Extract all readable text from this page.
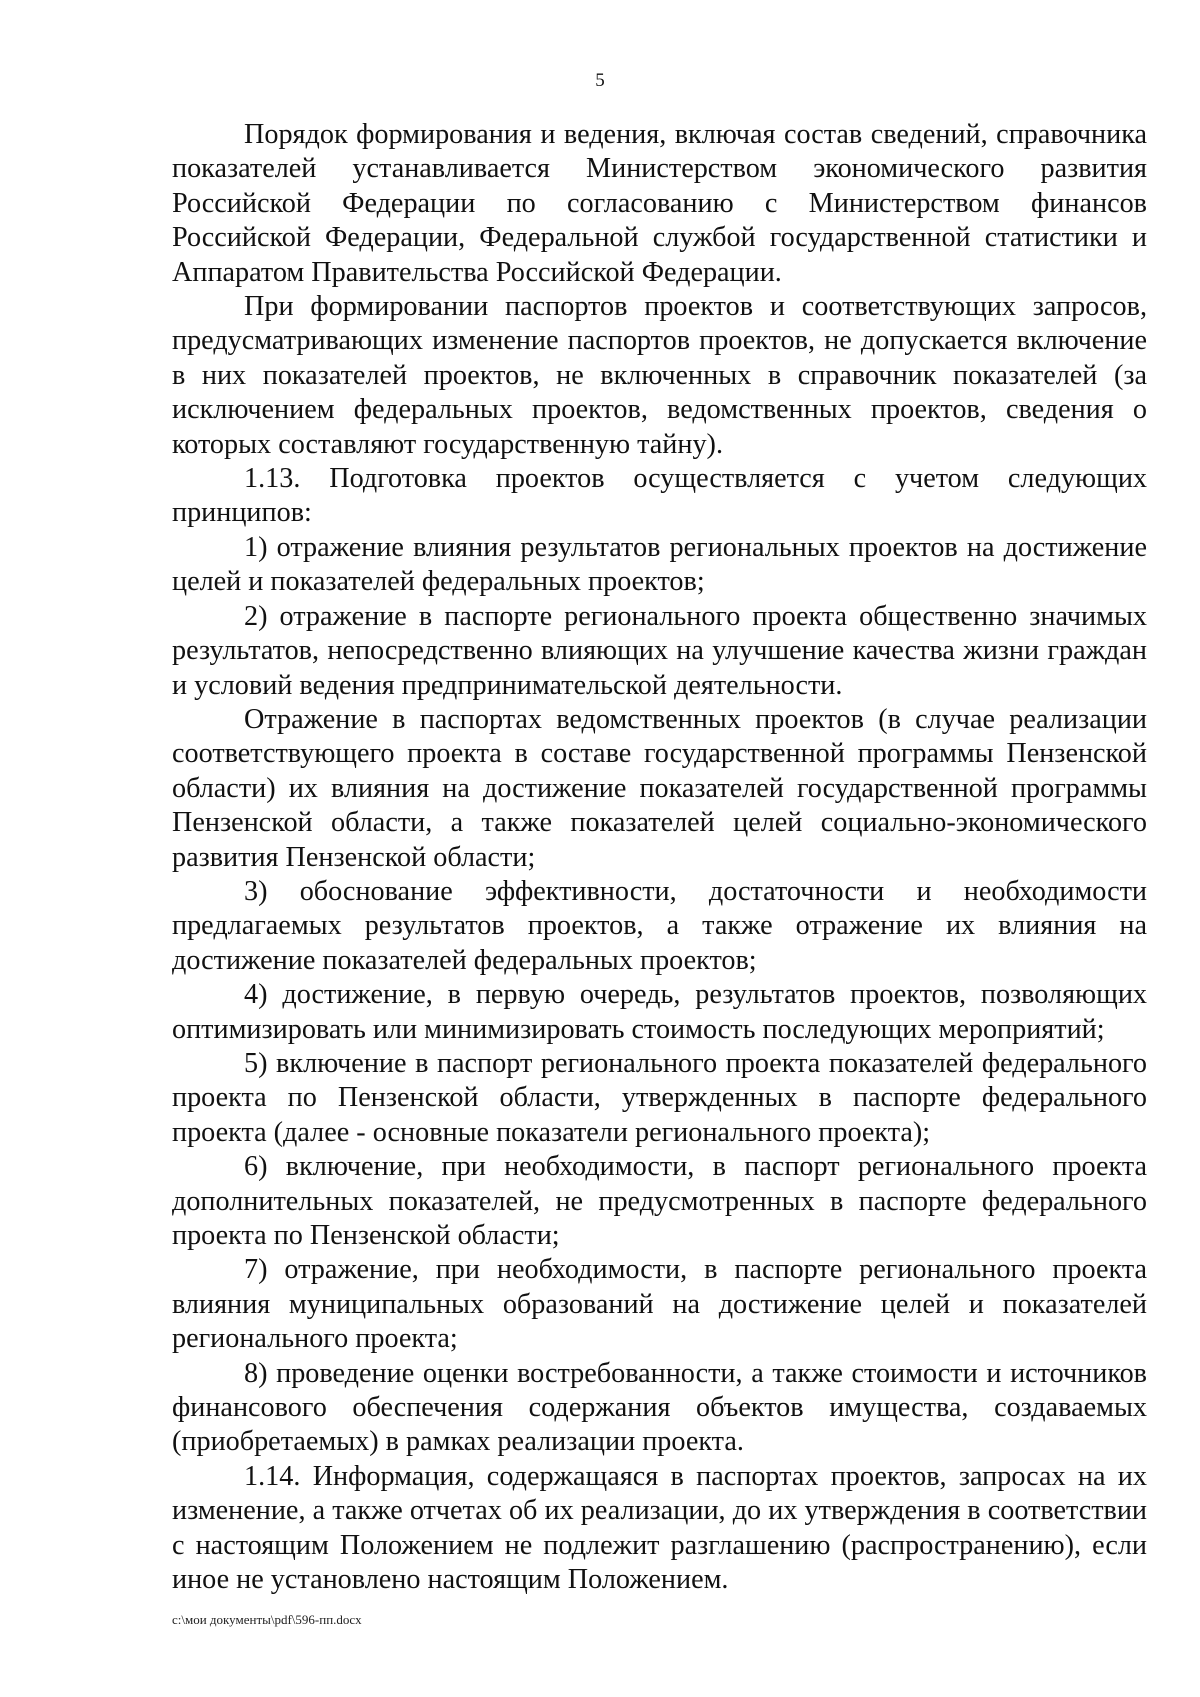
5

Порядок формирования и ведения, включая состав сведений, справочника показателей устанавливается Министерством экономического развития Российской Федерации по согласованию с Министерством финансов Российской Федерации, Федеральной службой государственной статистики и Аппаратом Правительства Российской Федерации.

При формировании паспортов проектов и соответствующих запросов, предусматривающих изменение паспортов проектов, не допускается включение в них показателей проектов, не включенных в справочник показателей (за исключением федеральных проектов, ведомственных проектов, сведения о которых составляют государственную тайну).

1.13. Подготовка проектов осуществляется с учетом следующих принципов:

1) отражение влияния результатов региональных проектов на достижение целей и показателей федеральных проектов;

2) отражение в паспорте регионального проекта общественно значимых результатов, непосредственно влияющих на улучшение качества жизни граждан и условий ведения предпринимательской деятельности.

Отражение в паспортах ведомственных проектов (в случае реализации соответствующего проекта в составе государственной программы Пензенской области) их влияния на достижение показателей государственной программы Пензенской области, а также показателей целей социально-экономического развития Пензенской области;

3) обоснование эффективности, достаточности и необходимости предлагаемых результатов проектов, а также отражение их влияния на достижение показателей федеральных проектов;

4) достижение, в первую очередь, результатов проектов, позволяющих оптимизировать или минимизировать стоимость последующих мероприятий;

5) включение в паспорт регионального проекта показателей федерального проекта по Пензенской области, утвержденных в паспорте федерального проекта (далее - основные показатели регионального проекта);

6) включение, при необходимости, в паспорт регионального проекта дополнительных показателей, не предусмотренных в паспорте федерального проекта по Пензенской области;

7) отражение, при необходимости, в паспорте регионального проекта влияния муниципальных образований на достижение целей и показателей регионального проекта;

8) проведение оценки востребованности, а также стоимости и источников финансового обеспечения содержания объектов имущества, создаваемых (приобретаемых) в рамках реализации проекта.

1.14. Информация, содержащаяся в паспортах проектов, запросах на их изменение, а также отчетах об их реализации, до их утверждения в соответствии с настоящим Положением не подлежит разглашению (распространению), если иное не установлено настоящим Положением.

c:\мои документы\pdf\596-пп.docx
